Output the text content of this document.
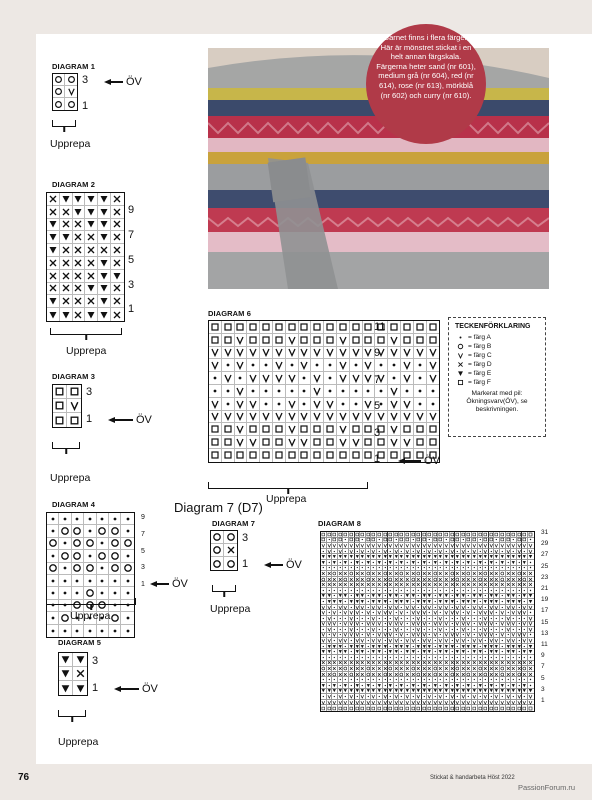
Garnet finns i flera färger. Här är mönstret stickat i en helt annan färgskala. Färgerna heter sand (nr 601), medium grå (nr 604), red (nr 614), rose (nr 613), mörkblå (nr 602) och curry (nr 610).
DIAGRAM 1
3
1
ÖV
Upprepa
DIAGRAM 2
9
7
5
3
1
Upprepa
DIAGRAM 3
3
1	ÖV
Upprepa
DIAGRAM 4
9
7
5
3
1 ÖV
Upprepa
DIAGRAM 5
3
1	ÖV
Upprepa
DIAGRAM 6
11
9
7
5
3
1	ÖV
Upprepa
Diagram 7 (D7)
DIAGRAM 7
3
1	ÖV
Upprepa
DIAGRAM 8
31
29
27
25
23
21
19
17
15
13
11
9
7
5
3
1
TECKENFÖRKLARING
= färg A
= färg B
= färg C
= färg D
= färg E
= färg F
Markerat med pil: Ökningsvarv(ÖV), se beskrivningen.
76	Stickat & handarbeta Höst 2022
PassionForum.ru
